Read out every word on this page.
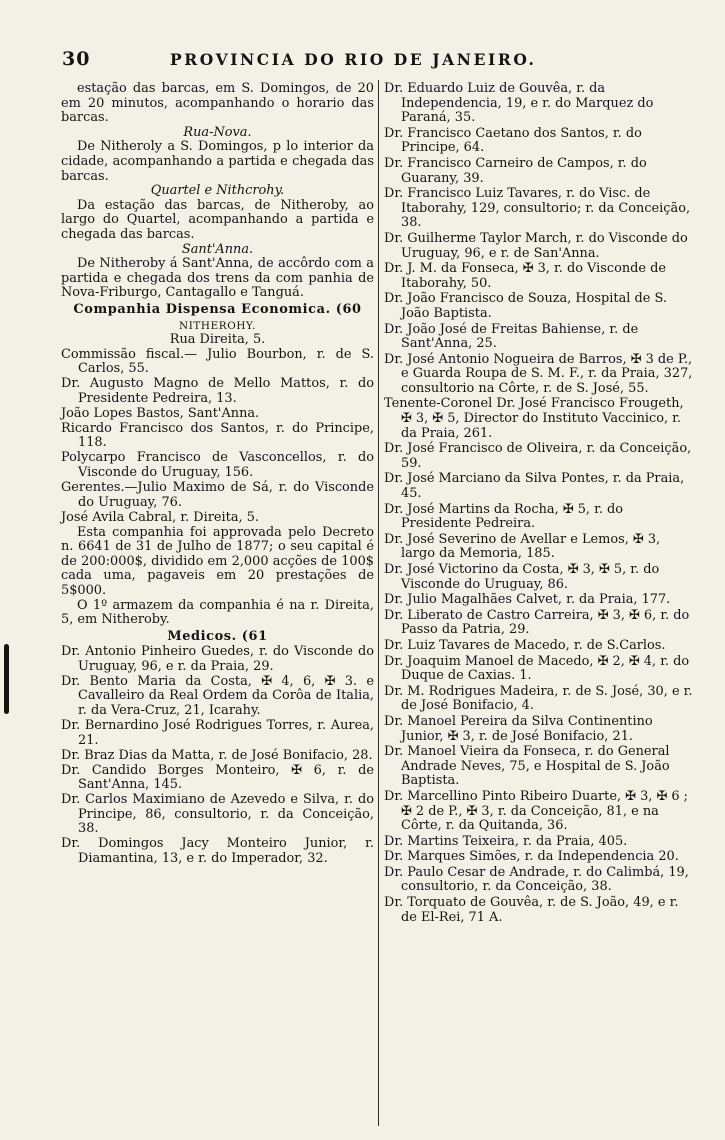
30	PROVINCIA DO RIO DE JANEIRO.
estação das barcas, em S. Domingos, de 20 em 20 minutos, acompanhando o horario das barcas.
Rua-Nova.
De Nitheroly a S. Domingos, p lo interior da cidade, acompanhando a partida e chegada das barcas.
Quartel e Nithcrohy.
Da estação das barcas, de Nitheroby, ao largo do Quartel, acompanhando a partida e chegada das barcas.
Sant'Anna.
De Nitheroby á Sant'Anna, de accôrdo com a partida e chegada dos trens da com panhia de Nova-Friburgo, Cantagallo e Tanguá.
Companhia Dispensa Economica. (60
NITHEROHY.
Rua Direita, 5.
Commissão fiscal.— Julio Bourbon, r. de S. Carlos, 55.
Dr. Augusto Magno de Mello Mattos, r. do Presidente Pedreira, 13.
João Lopes Bastos, Sant'Anna.
Ricardo Francisco dos Santos, r. do Principe, 118.
Polycarpo Francisco de Vasconcellos, r. do Visconde do Uruguay, 156.
Gerentes.—Julio Maximo de Sá, r. do Visconde do Uruguay, 76.
José Avila Cabral, r. Direita, 5.
Esta companhia foi approvada pelo Decreto n. 6641 de 31 de Julho de 1877; o seu capital é de 200:000$, dividido em 2,000 acções de 100$ cada uma, pagaveis em 20 prestações de 5$000.
O 1º armazem da companhia é na r. Direita, 5, em Nitheroby.
Medicos. (61
Dr. Antonio Pinheiro Guedes, r. do Visconde do Uruguay, 96, e r. da Praia, 29.
Dr. Bento Maria da Costa, ✠ 4, 6, ✠ 3. e Cavalleiro da Real Ordem da Corôa de Italia, r. da Vera-Cruz, 21, Icarahy.
Dr. Bernardino José Rodrigues Torres, r. Aurea, 21.
Dr. Braz Dias da Matta, r. de José Bonifacio, 28.
Dr. Candido Borges Monteiro, ✠ 6, r. de Sant'Anna, 145.
Dr. Carlos Maximiano de Azevedo e Silva, r. do Principe, 86, consultorio, r. da Conceição, 38.
Dr. Domingos Jacy Monteiro Junior, r. Diamantina, 13, e r. do Imperador, 32.
Dr. Eduardo Luiz de Gouvêa, r. da Independencia, 19, e r. do Marquez do Paraná, 35.
Dr. Francisco Caetano dos Santos, r. do Principe, 64.
Dr. Francisco Carneiro de Campos, r. do Guarany, 39.
Dr. Francisco Luiz Tavares, r. do Visc. de Itaborahy, 129, consultorio; r. da Conceição, 38.
Dr. Guilherme Taylor March, r. do Visconde do Uruguay, 96, e r. de San'Anna.
Dr. J. M. da Fonseca, ✠ 3, r. do Visconde de Itaborahy, 50.
Dr. João Francisco de Souza, Hospital de S. João Baptista.
Dr. João José de Freitas Bahiense, r. de Sant'Anna, 25.
Dr. José Antonio Nogueira de Barros, ✠ 3 de P., e Guarda Roupa de S. M. F., r. da Praia, 327, consultorio na Côrte, r. de S. José, 55.
Tenente-Coronel Dr. José Francisco Frougeth, ✠ 3, ✠ 5, Director do Instituto Vaccinico, r. da Praia, 261.
Dr. José Francisco de Oliveira, r. da Conceição, 59.
Dr. José Marciano da Silva Pontes, r. da Praia, 45.
Dr. José Martins da Rocha, ✠ 5, r. do Presidente Pedreira.
Dr. José Severino de Avellar e Lemos, ✠ 3, largo da Memoria, 185.
Dr. José Victorino da Costa, ✠ 3, ✠ 5, r. do Visconde do Uruguay, 86.
Dr. Julio Magalhães Calvet, r. da Praia, 177.
Dr. Liberato de Castro Carreira, ✠ 3, ✠ 6, r. do Passo da Patria, 29.
Dr. Luiz Tavares de Macedo, r. de S.Carlos.
Dr. Joaquim Manoel de Macedo, ✠ 2, ✠ 4, r. do Duque de Caxias. 1.
Dr. M. Rodrigues Madeira, r. de S. José, 30, e r. de José Bonifacio, 4.
Dr. Manoel Pereira da Silva Continentino Junior, ✠ 3, r. de José Bonifacio, 21.
Dr. Manoel Vieira da Fonseca, r. do General Andrade Neves, 75, e Hospital de S. João Baptista.
Dr. Marcellino Pinto Ribeiro Duarte, ✠ 3, ✠ 6 ; ✠ 2 de P., ✠ 3, r. da Conceição, 81, e na Côrte, r. da Quitanda, 36.
Dr. Martins Teixeira, r. da Praia, 405.
Dr. Marques Simões, r. da Independencia 20.
Dr. Paulo Cesar de Andrade, r. do Calimbá, 19, consultorio, r. da Conceição, 38.
Dr. Torquato de Gouvêa, r. de S. João, 49, e r. de El-Rei, 71 A.
